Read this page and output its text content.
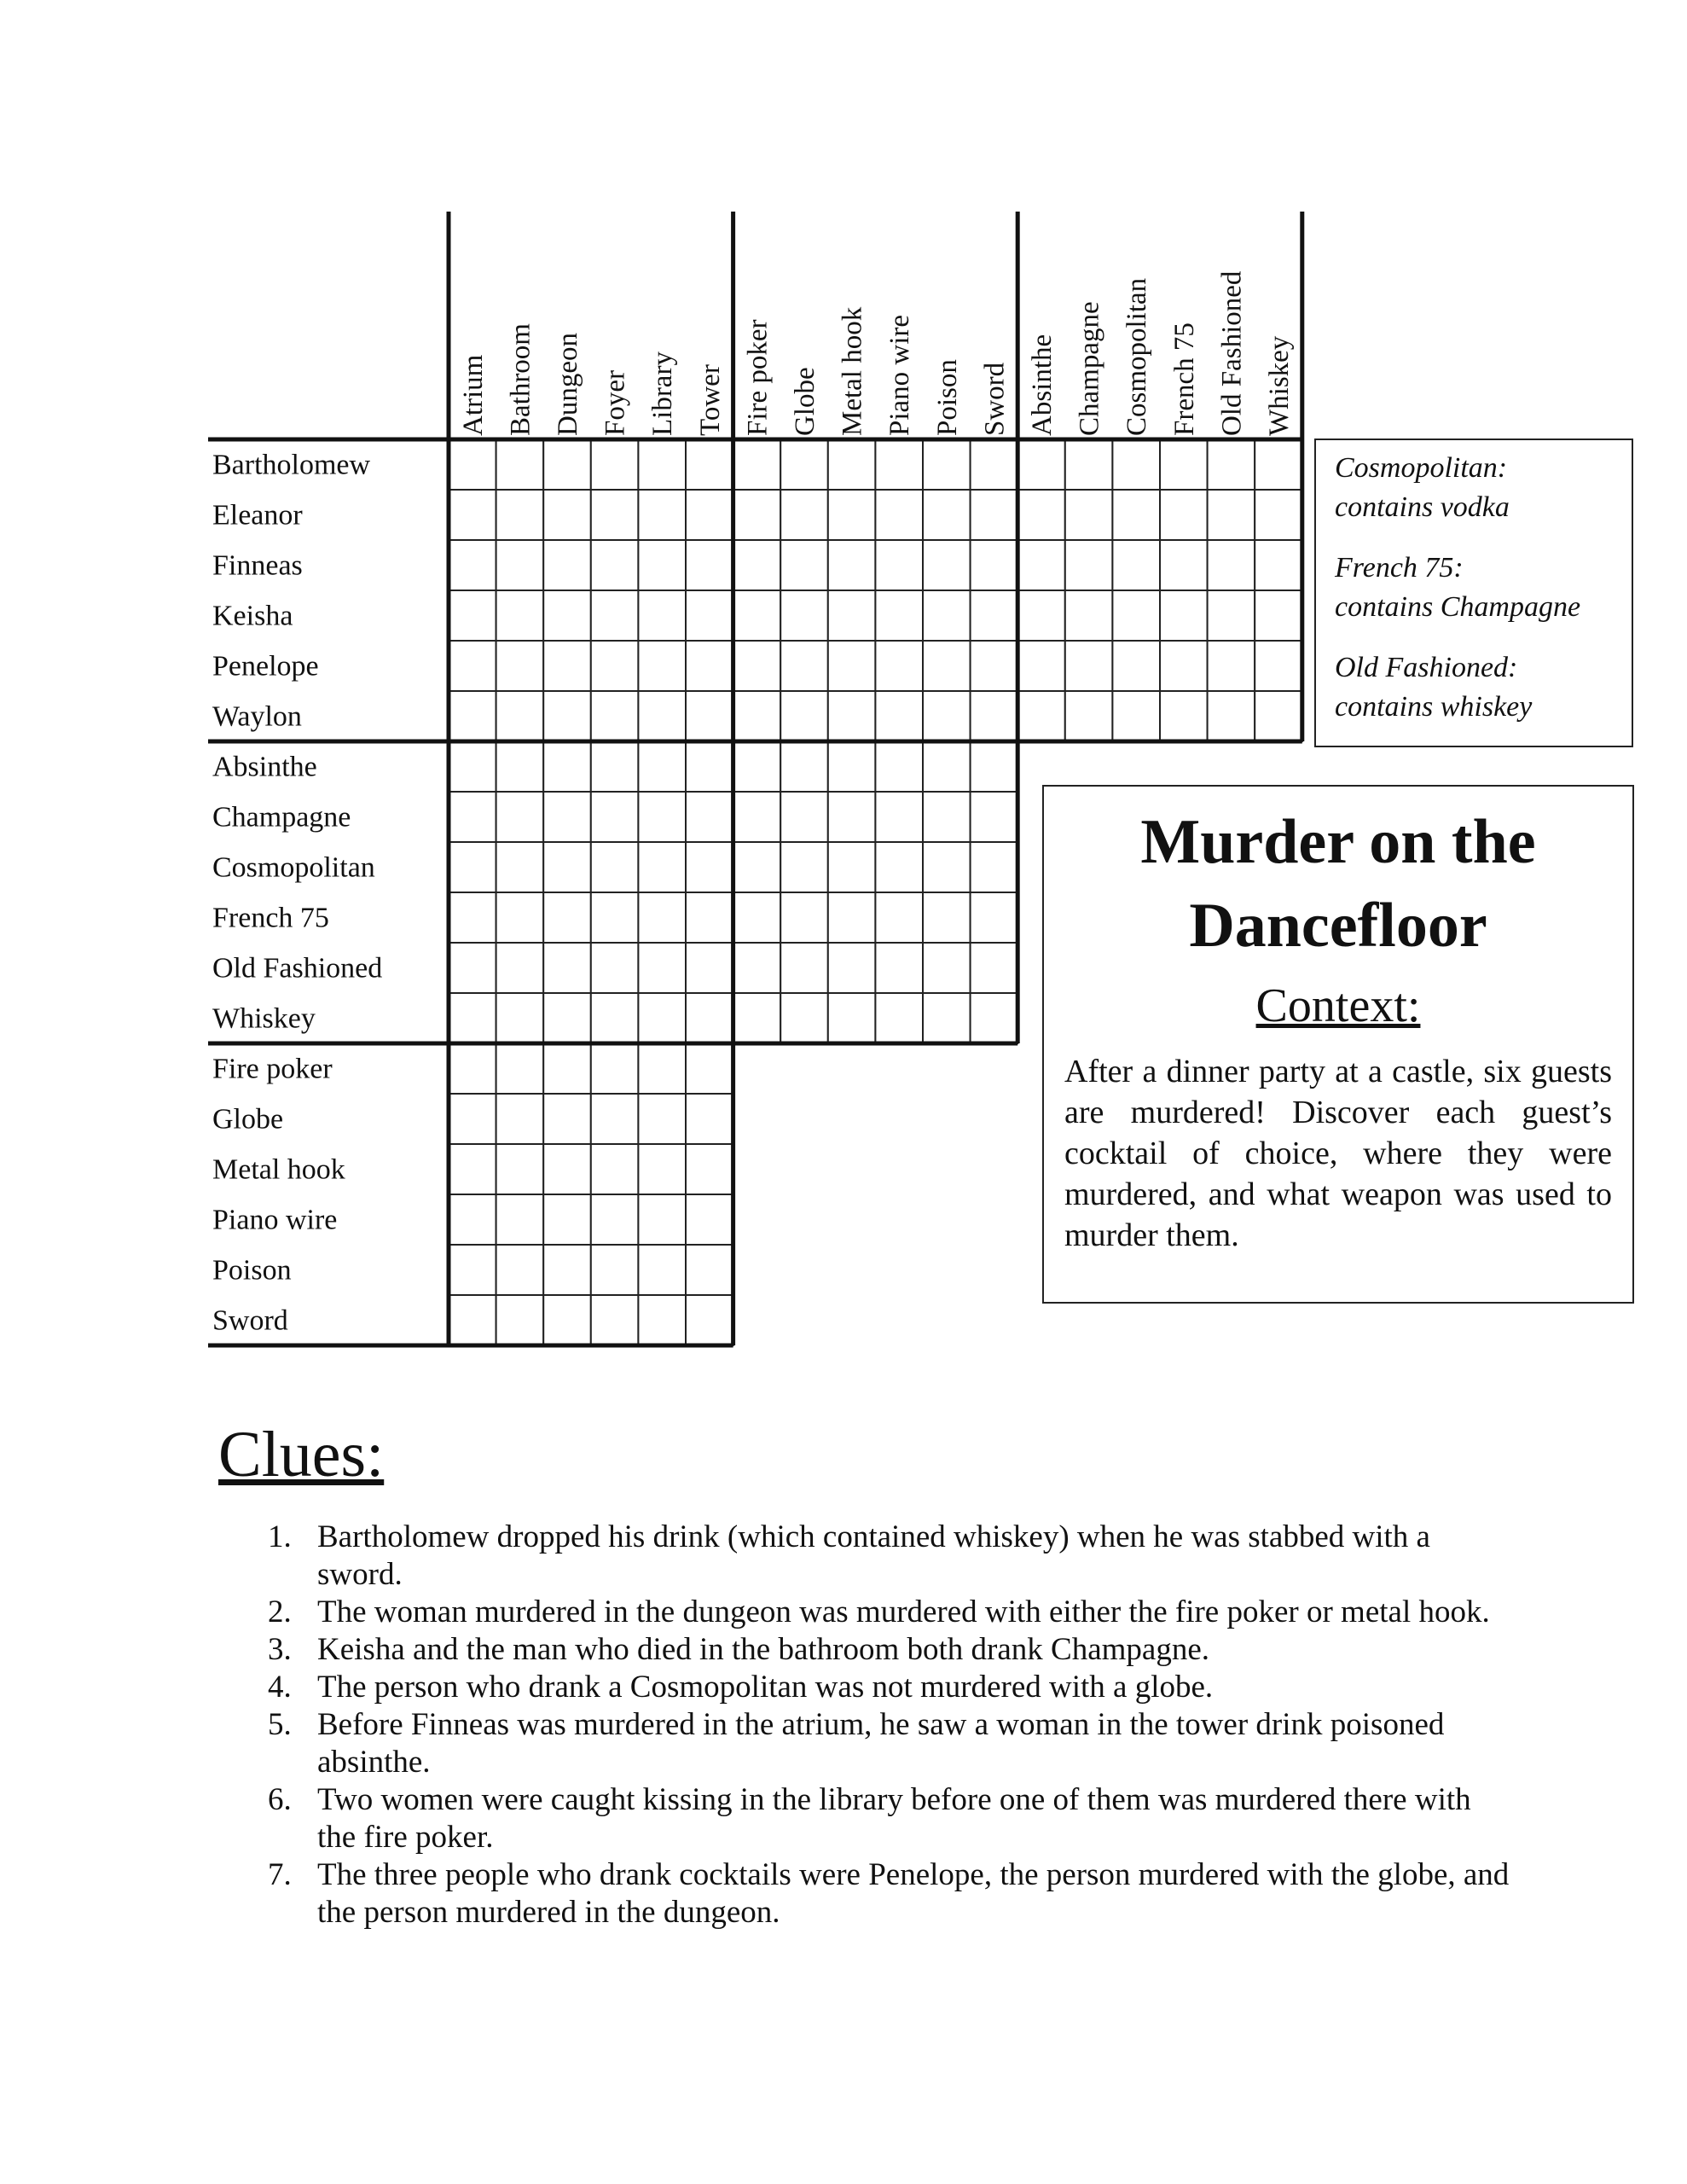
Atrium Bathroom Dungeon Foyer Library Tower Fire poker Globe Metal hook Piano wire Poison Sword Absinthe Champagne Cosmopolitan French 75 Old Fashioned Whiskey
Bartholomew
Eleanor
Finneas
Keisha
Penelope
Waylon
Absinthe
Champagne
Cosmopolitan
French 75
Old Fashioned
Whiskey
Fire poker
Globe
Metal hook
Piano wire
Poison
Sword
Cosmopolitan:
contains vodka
French 75:
contains Champagne
Old Fashioned:
contains whiskey
Murder on the
Dancefloor
Context:
After a dinner party at a castle, six guests are murdered! Discover each guest’s cocktail of choice, where they were murdered, and what weapon was used to murder them.
Clues:
1. Bartholomew dropped his drink (which contained whiskey) when he was stabbed with a sword.
2. The woman murdered in the dungeon was murdered with either the fire poker or metal hook.
3. Keisha and the man who died in the bathroom both drank Champagne.
4. The person who drank a Cosmopolitan was not murdered with a globe.
5. Before Finneas was murdered in the atrium, he saw a woman in the tower drink poisoned absinthe.
6. Two women were caught kissing in the library before one of them was murdered there with the fire poker.
7. The three people who drank cocktails were Penelope, the person murdered with the globe, and the person murdered in the dungeon.
